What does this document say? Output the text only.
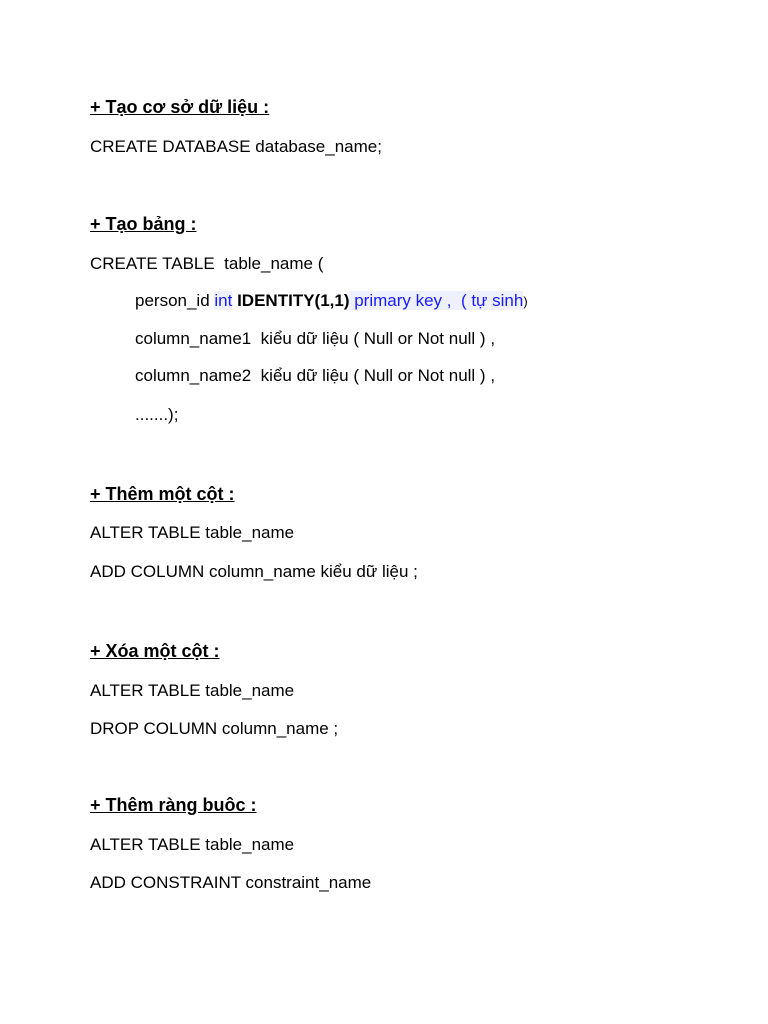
+ Tạo cơ sở dữ liệu :
CREATE DATABASE database_name;
+ Tạo bảng :
CREATE TABLE  table_name (
person_id int IDENTITY(1,1) primary key ,  ( tự sinh)
column_name1  kiểu dữ liệu ( Null or Not null ) ,
column_name2  kiểu dữ liệu ( Null or Not null ) ,
.......);
+ Thêm một cột :
ALTER TABLE table_name
ADD COLUMN column_name kiểu dữ liệu ;
+ Xóa một cột :
ALTER TABLE table_name
DROP COLUMN column_name ;
+ Thêm ràng buôc :
ALTER TABLE table_name
ADD CONSTRAINT constraint_name
